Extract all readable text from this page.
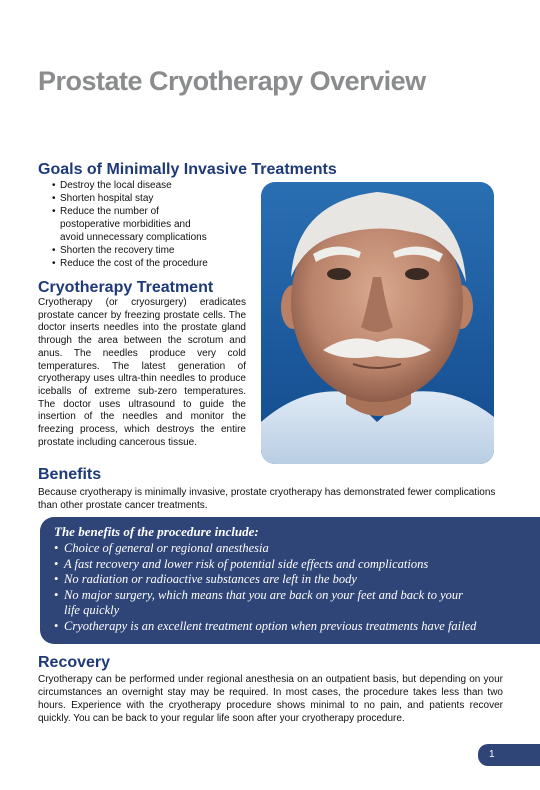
Prostate Cryotherapy Overview
Goals of Minimally Invasive Treatments
• Destroy the local disease
• Shorten hospital stay
• Reduce the number of postoperative morbidities and avoid unnecessary complications
• Shorten the recovery time
• Reduce the cost of the procedure
Cryotherapy Treatment

Cryotherapy (or cryosurgery) eradicates prostate cancer by freezing prostate cells. The doctor inserts needles into the prostate gland through the area between the scrotum and anus. The needles produce very cold temperatures. The latest generation of cryotherapy uses ultra-thin needles to produce iceballs of extreme sub-zero temperatures. The doctor uses ultrasound to guide the insertion of the needles and monitor the freezing process, which destroys the entire prostate including cancerous tissue.

Benefits

Because cryotherapy is minimally invasive, prostate cryotherapy has demonstrated fewer complications than other prostate cancer treatments.

The benefits of the procedure include:

• Choice of general or regional anesthesia
• A fast recovery and lower risk of potential side effects and complications
• No radiation or radioactive substances are left in the body
• No major surgery, which means that you are back on your feet and back to your life quickly
• Cryotherapy is an excellent treatment option when previous treatments have failed
Recovery

Cryotherapy can be performed under regional anesthesia on an outpatient basis, but depending on your circumstances an overnight stay may be required. In most cases, the procedure takes less than two hours. Experience with the cryotherapy procedure shows minimal to no pain, and patients recover quickly. You can be back to your regular life soon after your cryotherapy procedure.

1
